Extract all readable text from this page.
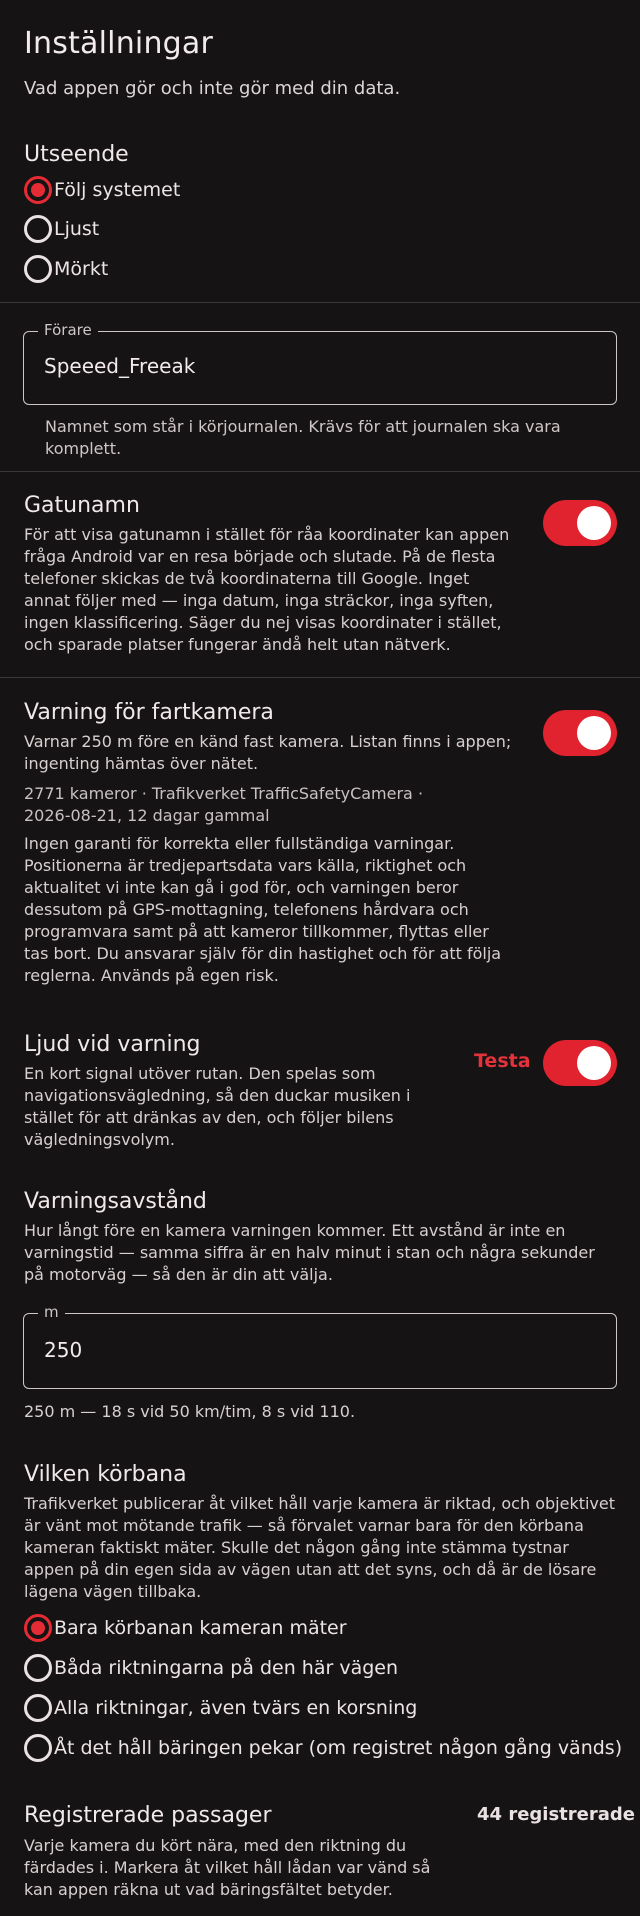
Inställningar
Vad appen gör och inte gör med din data.
Utseende
Följ systemet
Ljust
Mörkt
Förare
Speeed_Freeak
Namnet som står i körjournalen. Krävs för att journalen ska vara
komplett.
Gatunamn
För att visa gatunamn i stället för råa koordinater kan appen
fråga Android var en resa började och slutade. På de flesta
telefoner skickas de två koordinaterna till Google. Inget
annat följer med — inga datum, inga sträckor, inga syften,
ingen klassificering. Säger du nej visas koordinater i stället,
och sparade platser fungerar ändå helt utan nätverk.
Varning för fartkamera
Varnar 250 m före en känd fast kamera. Listan finns i appen;
ingenting hämtas över nätet.
2771 kameror · Trafikverket TrafficSafetyCamera ·
2026-08-21, 12 dagar gammal
Ingen garanti för korrekta eller fullständiga varningar.
Positionerna är tredjepartsdata vars källa, riktighet och
aktualitet vi inte kan gå i god för, och varningen beror
dessutom på GPS-mottagning, telefonens hårdvara och
programvara samt på att kameror tillkommer, flyttas eller
tas bort. Du ansvarar själv för din hastighet och för att följa
reglerna. Används på egen risk.
Ljud vid varning
Testa
En kort signal utöver rutan. Den spelas som
navigationsvägledning, så den duckar musiken i
stället för att dränkas av den, och följer bilens
vägledningsvolym.
Varningsavstånd
Hur långt före en kamera varningen kommer. Ett avstånd är inte en
varningstid — samma siffra är en halv minut i stan och några sekunder
på motorväg — så den är din att välja.
m
250
250 m — 18 s vid 50 km/tim, 8 s vid 110.
Vilken körbana
Trafikverket publicerar åt vilket håll varje kamera är riktad, och objektivet
är vänt mot mötande trafik — så förvalet varnar bara för den körbana
kameran faktiskt mäter. Skulle det någon gång inte stämma tystnar
appen på din egen sida av vägen utan att det syns, och då är de lösare
lägena vägen tillbaka.
Bara körbanan kameran mäter
Båda riktningarna på den här vägen
Alla riktningar, även tvärs en korsning
Åt det håll bäringen pekar (om registret någon gång vänds)
Registrerade passager	44 registrerade
Varje kamera du kört nära, med den riktning du
färdades i. Markera åt vilket håll lådan var vänd så
kan appen räkna ut vad bäringsfältet betyder.
